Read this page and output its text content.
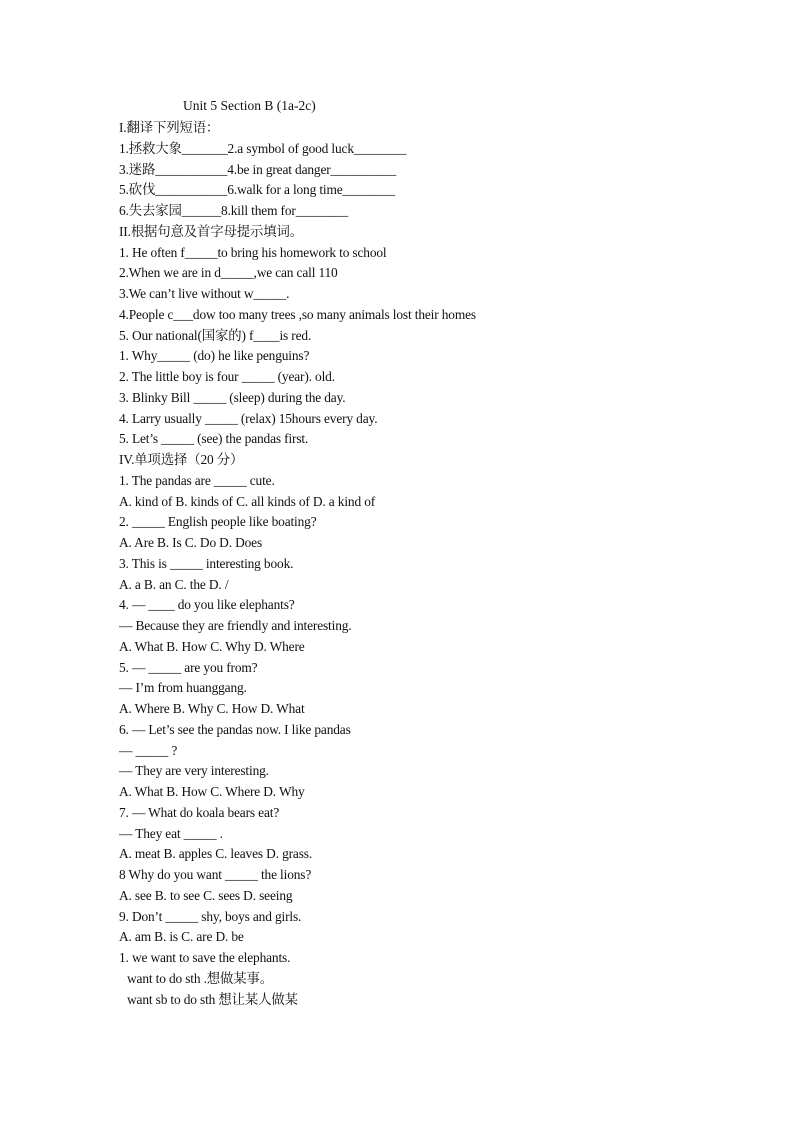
Unit 5 Section B (1a-2c)
I.翻译下列短语：
1.拯救大象_______2.a symbol of good luck________
3.迷路___________4.be in great danger__________
5.砍伐___________6.walk for a long time________
6.失去家园______8.kill them for________
II.根据句意及首字母提示填词。
1. He often f_____to bring his homework to school
2.When we are in d_____,we can call 110
3.We can’t live without w_____.
4.People c___dow too many trees ,so many animals lost their homes
5. Our national(国家的) f____is red.
1. Why_____ (do) he like penguins?
2. The little boy is four _____ (year). old.
3. Blinky Bill _____ (sleep) during the day.
4. Larry usually _____ (relax) 15hours every day.
5. Let’s _____ (see) the pandas first.
IV.单项选择（20 分）
1. The pandas are _____ cute.
A. kind of B. kinds of C. all kinds of D. a kind of
2. _____ English people like boating?
A. Are B. Is C. Do D. Does
3. This is _____ interesting book.
A. a B. an C. the D. /
4. — ____ do you like elephants?
— Because they are friendly and interesting.
A. What B. How C. Why D. Where
5. — _____ are you from?
— I’m from huanggang.
A. Where B. Why C. How D. What
6. — Let’s see the pandas now. I like pandas
— _____ ?
— They are very interesting.
A. What B. How C. Where D. Why
7. — What do koala bears eat?
— They eat _____ .
A. meat B. apples C. leaves D. grass.
8 Why do you want _____ the lions?
A. see B. to see C. sees D. seeing
9. Don’t _____ shy, boys and girls.
A. am B. is C. are D. be
1. we want to save the elephants.
want to do sth .想做某事。
want sb to do sth 想让某人做某
